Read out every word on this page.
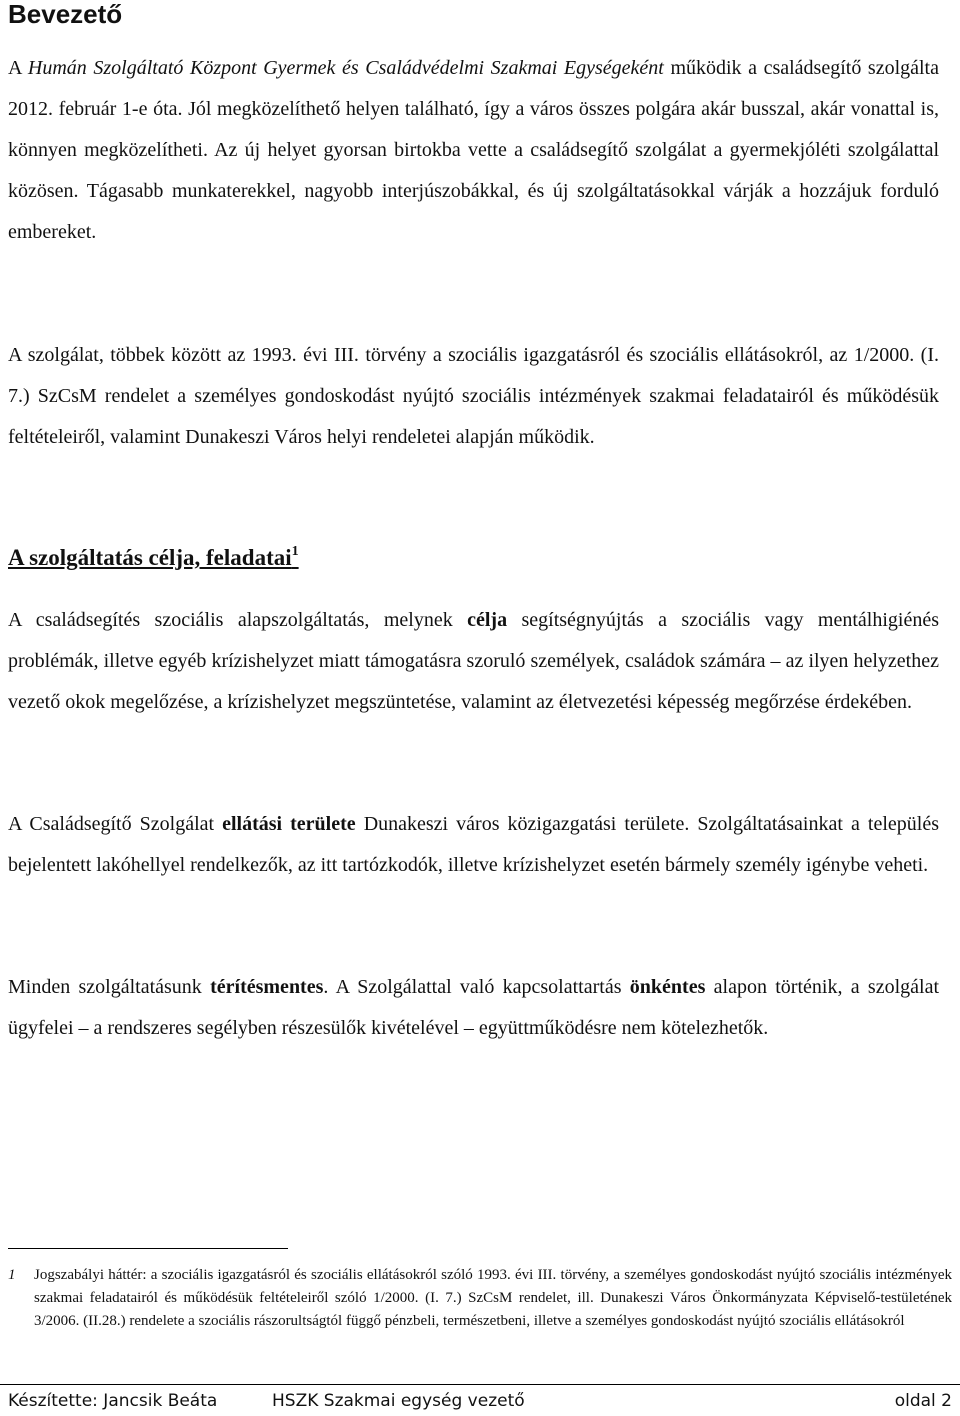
Bevezető

A Humán Szolgáltató Központ Gyermek és Családvédelmi Szakmai Egységeként működik a családsegítő szolgálta 2012. február 1-e óta. Jól megközelíthető helyen található, így a város összes polgára akár busszal, akár vonattal is, könnyen megközelítheti. Az új helyet gyorsan birtokba vette a családsegítő szolgálat a gyermekjóléti szolgálattal közösen. Tágasabb munkaterekkel, nagyobb interjúszobákkal, és új szolgáltatásokkal várják a hozzájuk forduló embereket.

A szolgálat, többek között az 1993. évi III. törvény a szociális igazgatásról és szociális ellátásokról, az 1/2000. (I. 7.) SzCsM rendelet a személyes gondoskodást nyújtó szociális intézmények szakmai feladatairól és működésük feltételeiről, valamint Dunakeszi Város helyi rendeletei alapján működik.

A szolgáltatás célja, feladatai$^1$

A családsegítés szociális alapszolgáltatás, melynek célja segítségnyújtás a szociális vagy mentálhigiénés problémák, illetve egyéb krízishelyzet miatt támogatásra szoruló személyek, családok számára – az ilyen helyzethez vezető okok megelőzése, a krízishelyzet megszüntetése, valamint az életvezetési képesség megőrzése érdekében.

A Családsegítő Szolgálat ellátási területe Dunakeszi város közigazgatási területe. Szolgáltatásainkat a település bejelentett lakóhellyel rendelkezők, az itt tartózkodók, illetve krízishelyzet esetén bármely személy igénybe veheti.

Minden szolgáltatásunk térítésmentes. A Szolgálattal való kapcsolattartás önkéntes alapon történik, a szolgálat ügyfelei – a rendszeres segélyben részesülők kivételével – együttműködésre nem kötelezhetők.

1 Jogszabályi háttér: a szociális igazgatásról és szociális ellátásokról szóló 1993. évi III. törvény, a személyes gondoskodást nyújtó szociális intézmények szakmai feladatairól és működésük feltételeiről szóló 1/2000. (I. 7.) SzCsM rendelet, ill. Dunakeszi Város Önkormányzata Képviselő-testületének 3/2006. (II.28.) rendelete a szociális rászorultságtól függő pénzbeli, természetbeni, illetve a személyes gondoskodást nyújtó szociális ellátásokról

Készítette: Jancsik Beáta	HSZK Szakmai egység vezető	oldal 2
